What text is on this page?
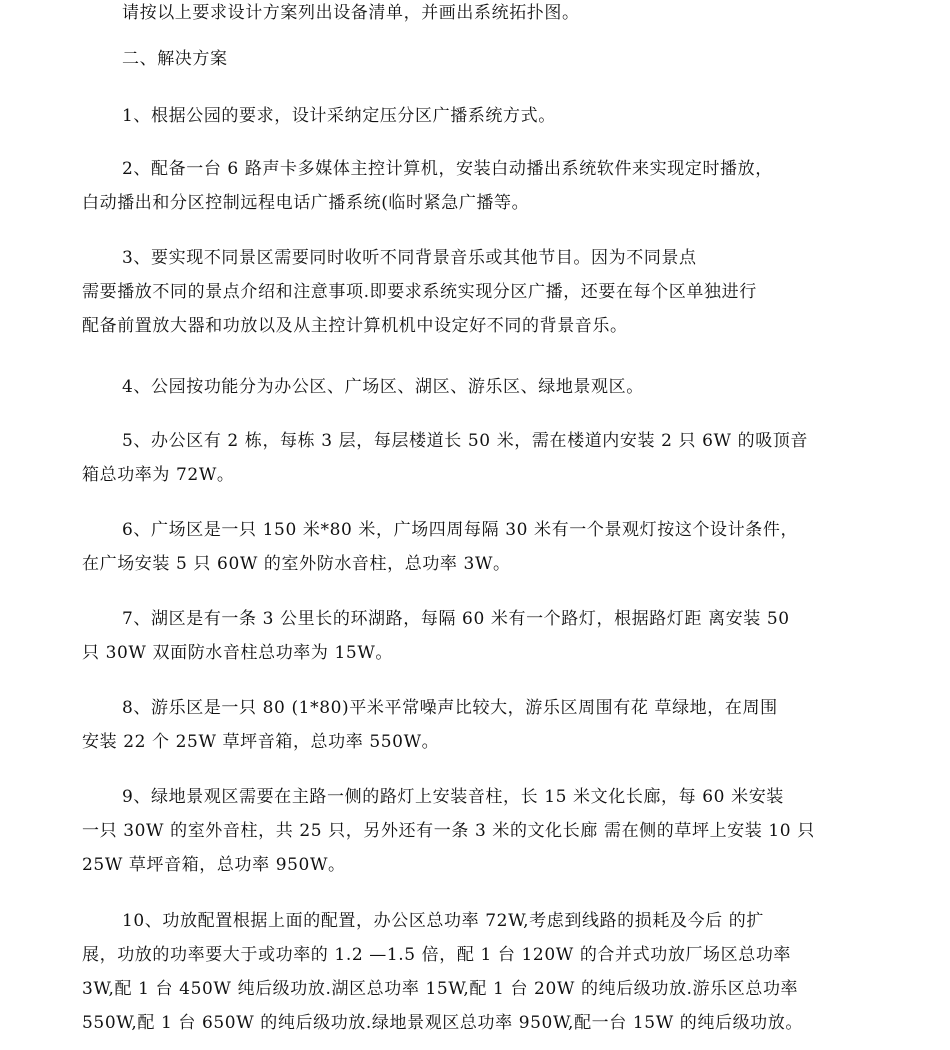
请按以上要求设计方案列出设备清单，并画出系统拓扑图。

二、解决方案

1、根据公园的要求，设计采纳定压分区广播系统方式。

2、配备一台 6 路声卡多媒体主控计算机，安装白动播出系统软件来实现定时播放，
白动播出和分区控制远程电话广播系统(临时紧急广播等。

3、要实现不同景区需要同时收听不同背景音乐或其他节目。因为不同景点
需要播放不同的景点介绍和注意事项.即要求系统实现分区广播，还要在每个区单独进行
配备前置放大器和功放以及从主控计算机机中设定好不同的背景音乐。

4、公园按功能分为办公区、广场区、湖区、游乐区、绿地景观区。

5、办公区有 2 栋，每栋 3 层，每层楼道长 50 米，需在楼道内安装 2 只 6W 的吸顶音
箱总功率为 72W。

6、广场区是一只 150 米*80 米，广场四周每隔 30 米有一个景观灯按这个设计条件，
在广场安装 5 只 60W 的室外防水音柱，总功率 3W。

7、湖区是有一条 3 公里长的环湖路，每隔 60 米有一个路灯，根据路灯距 离安装 50
只 30W 双面防水音柱总功率为 15W。

8、游乐区是一只 80 (1*80)平米平常噪声比较大，游乐区周围有花 草绿地，在周围
安装 22 个 25W 草坪音箱，总功率 550W。

9、绿地景观区需要在主路一侧的路灯上安装音柱，长 15 米文化长廊，每 60 米安装
一只 30W 的室外音柱，共 25 只，另外还有一条 3 米的文化长廊 需在侧的草坪上安装 10 只
25W 草坪音箱，总功率 950W。

10、功放配置根据上面的配置，办公区总功率 72W,考虑到线路的损耗及今后 的扩
展，功放的功率要大于或功率的 1.2 —1.5 倍，配 1 台 120W 的合并式功放厂场区总功率
3W,配 1 台 450W 纯后级功放.湖区总功率 15W,配 1 台 20W 的纯后级功放.游乐区总功率
550W,配 1 台 650W 的纯后级功放.绿地景观区总功率 950W,配一台 15W 的纯后级功放。
